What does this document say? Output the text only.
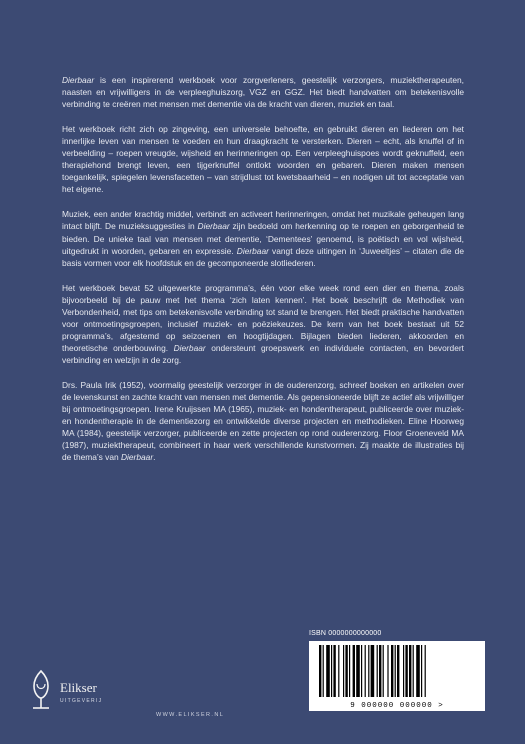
Dierbaar is een inspirerend werkboek voor zorgverleners, geestelijk verzorgers, muziektherapeuten, naasten en vrijwilligers in de verpleeghuiszorg, VGZ en GGZ. Het biedt handvatten om betekenisvolle verbinding te creëren met mensen met dementie via de kracht van dieren, muziek en taal.

Het werkboek richt zich op zingeving, een universele behoefte, en gebruikt dieren en liederen om het innerlijke leven van mensen te voeden en hun draagkracht te versterken. Dieren – echt, als knuffel of in verbeelding – roepen vreugde, wijsheid en herinneringen op. Een verpleeghuispoes wordt geknuffeld, een therapiehond brengt leven, een tijgerknuffel ontlokt woorden en gebaren. Dieren maken mensen toegankelijk, spiegelen levensfacetten – van strijdlust tot kwetsbaarheid – en nodigen uit tot acceptatie van het eigene.

Muziek, een ander krachtig middel, verbindt en activeert herinneringen, omdat het muzikale geheugen lang intact blijft. De muzieksuggesties in Dierbaar zijn bedoeld om herkenning op te roepen en geborgenheid te bieden. De unieke taal van mensen met dementie, ‘Dementees’ genoemd, is poëtisch en vol wijsheid, uitgedrukt in woorden, gebaren en expressie. Dierbaar vangt deze uitingen in ‘Juweeltjes’ – citaten die de basis vormen voor elk hoofdstuk en de gecomponeerde slotliederen.

Het werkboek bevat 52 uitgewerkte programma’s, één voor elke week rond een dier en thema, zoals bijvoorbeeld bij de pauw met het thema ‘zich laten kennen’. Het boek beschrijft de Methodiek van Verbondenheid, met tips om betekenisvolle verbinding tot stand te brengen. Het biedt praktische handvatten voor ontmoetingsgroepen, inclusief muziek- en poëziekeuzes. De kern van het boek bestaat uit 52 programma’s, afgestemd op seizoenen en hoogtijdagen. Bijlagen bieden liederen, akkoorden en theoretische onderbouwing. Dierbaar ondersteunt groepswerk en individuele contacten, en bevordert verbinding en welzijn in de zorg.

Drs. Paula Irik (1952), voormalig geestelijk verzorger in de ouderenzorg, schreef boeken en artikelen over de levenskunst en zachte kracht van mensen met dementie. Als gepensioneerde blijft ze actief als vrijwilliger bij ontmoetingsgroepen. Irene Kruijssen MA (1965), muziek- en hondentherapeut, publiceerde over muziek- en hondentherapie in de dementiezorg en ontwikkelde diverse projecten en methodieken. Eline Hoorweg MA (1984), geestelijk verzorger, publiceerde en zette projecten op rond ouderenzorg. Floor Groeneveld MA (1987), muziektherapeut, combineert in haar werk verschillende kunstvormen. Zij maakte de illustraties bij de thema’s van Dierbaar.

ISBN 0000000000000
9 000000 000000 >
Elikser
UITGEVERIJ
WWW.ELIKSER.NL
